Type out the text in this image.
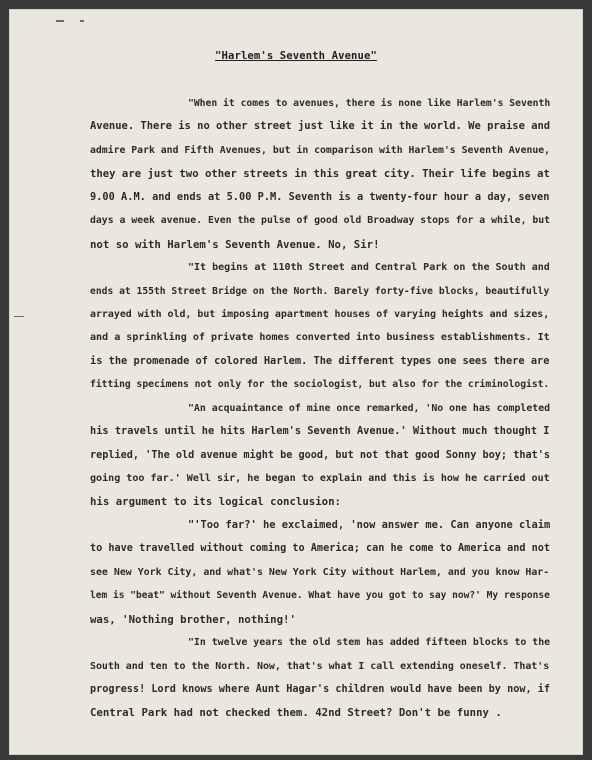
"Harlem's Seventh Avenue"
"When it comes to avenues, there is none like Harlem's Seventh
Avenue. There is no other street just like it in the world. We praise and
admire Park and Fifth Avenues, but in comparison with Harlem's Seventh Avenue,
they are just two other streets in this great city. Their life begins at
9.00 A.M. and ends at 5.00 P.M. Seventh is a twenty-four hour a day, seven
days a week avenue. Even the pulse of good old Broadway stops for a while, but
not so with Harlem's Seventh Avenue. No, Sir!
"It begins at 110th Street and Central Park on the South and
ends at 155th Street Bridge on the North. Barely forty-five blocks, beautifully
arrayed with old, but imposing apartment houses of varying heights and sizes,
and a sprinkling of private homes converted into business establishments. It
is the promenade of colored Harlem. The different types one sees there are
fitting specimens not only for the sociologist, but also for the criminologist.
"An acquaintance of mine once remarked, 'No one has completed
his travels until he hits Harlem's Seventh Avenue.' Without much thought I
replied, 'The old avenue might be good, but not that good Sonny boy; that's
going too far.' Well sir, he began to explain and this is how he carried out
his argument to its logical conclusion:
"'Too far?' he exclaimed, 'now answer me. Can anyone claim
to have travelled without coming to America; can he come to America and not
see New York City, and what's New York City without Harlem, and you know Har-
lem is "beat" without Seventh Avenue. What have you got to say now?' My response
was, 'Nothing brother, nothing!'
"In twelve years the old stem has added fifteen blocks to the
South and ten to the North. Now, that's what I call extending oneself. That's
progress! Lord knows where Aunt Hagar's children would have been by now, if
Central Park had not checked them. 42nd Street? Don't be funny .
